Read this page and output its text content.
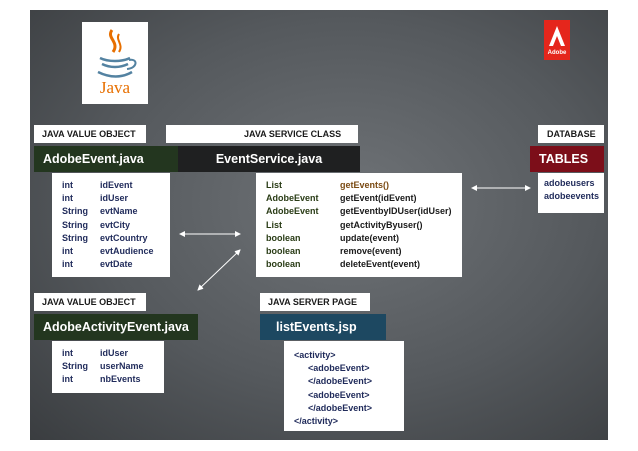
Java
Adobe
JAVA VALUE OBJECT
AdobeEvent.java
int	idEvent
int	idUser
String	evtName
String	evtCity
String	evtCountry
int	evtAudience
int	evtDate
JAVA SERVICE CLASS
EventService.java
List	getEvents()
AdobeEvent	getEvent(idEvent)
AdobeEvent	getEventbyIDUser(idUser)
List	getActivityByuser()
boolean	update(event)
boolean	remove(event)
boolean	deleteEvent(event)
DATABASE
TABLES
adobeusers
adobeevents
JAVA VALUE OBJECT
AdobeActivityEvent.java
int	idUser
String	userName
int	nbEvents
JAVA SERVER PAGE
listEvents.jsp
<activity>
<adobeEvent>
</adobeEvent>
<adobeEvent>
</adobeEvent>
</activity>
